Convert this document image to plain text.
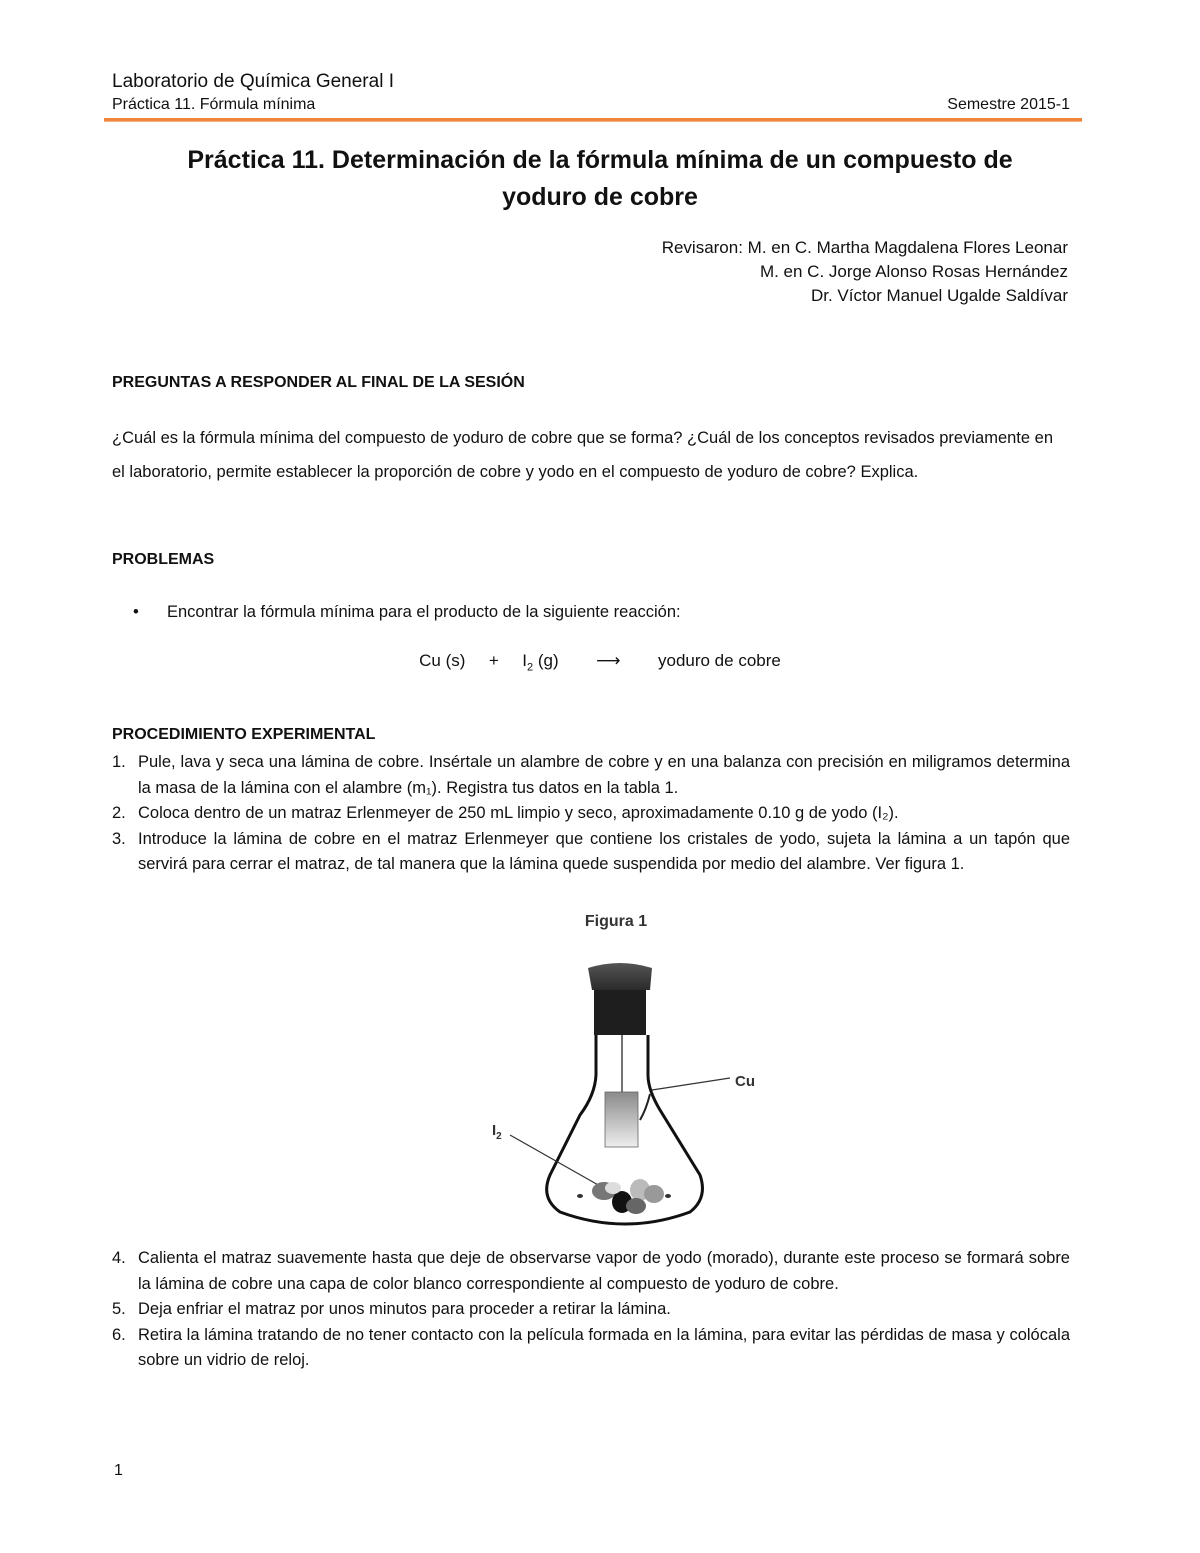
Laboratorio de Química General I
Práctica 11. Fórmula mínima	Semestre 2015-1
Práctica 11. Determinación de la fórmula mínima de un compuesto de
yoduro de cobre
Revisaron: M. en C. Martha Magdalena Flores Leonar
M. en C. Jorge Alonso Rosas Hernández
Dr. Víctor Manuel Ugalde Saldívar
PREGUNTAS A RESPONDER AL FINAL DE LA SESIÓN
¿Cuál es la fórmula mínima del compuesto de yoduro de cobre que se forma? ¿Cuál de los conceptos revisados previamente en el laboratorio, permite establecer la proporción de cobre y yodo en el compuesto de yoduro de cobre? Explica.
PROBLEMAS
•	Encontrar la fórmula mínima para el producto de la siguiente reacción:
Cu $(s) + I_2$ (g) ⟶ yoduro de cobre
PROCEDIMIENTO EXPERIMENTAL
1. Pule, lava y seca una lámina de cobre. Insértale un alambre de cobre y en una balanza con precisión en miligramos determina la masa de la lámina con el alambre (m₁). Registra tus datos en la tabla 1.
2. Coloca dentro de un matraz Erlenmeyer de 250 mL limpio y seco, aproximadamente 0.10 g de yodo (I₂).
3. Introduce la lámina de cobre en el matraz Erlenmeyer que contiene los cristales de yodo, sujeta la lámina a un tapón que servirá para cerrar el matraz, de tal manera que la lámina quede suspendida por medio del alambre. Ver figura 1.
Figura 1
Cu
$I_2$
4. Calienta el matraz suavemente hasta que deje de observarse vapor de yodo (morado), durante este proceso se formará sobre la lámina de cobre una capa de color blanco correspondiente al compuesto de yoduro de cobre.
5. Deja enfriar el matraz por unos minutos para proceder a retirar la lámina.
6. Retira la lámina tratando de no tener contacto con la película formada en la lámina, para evitar las pérdidas de masa y colócala sobre un vidrio de reloj.
1
